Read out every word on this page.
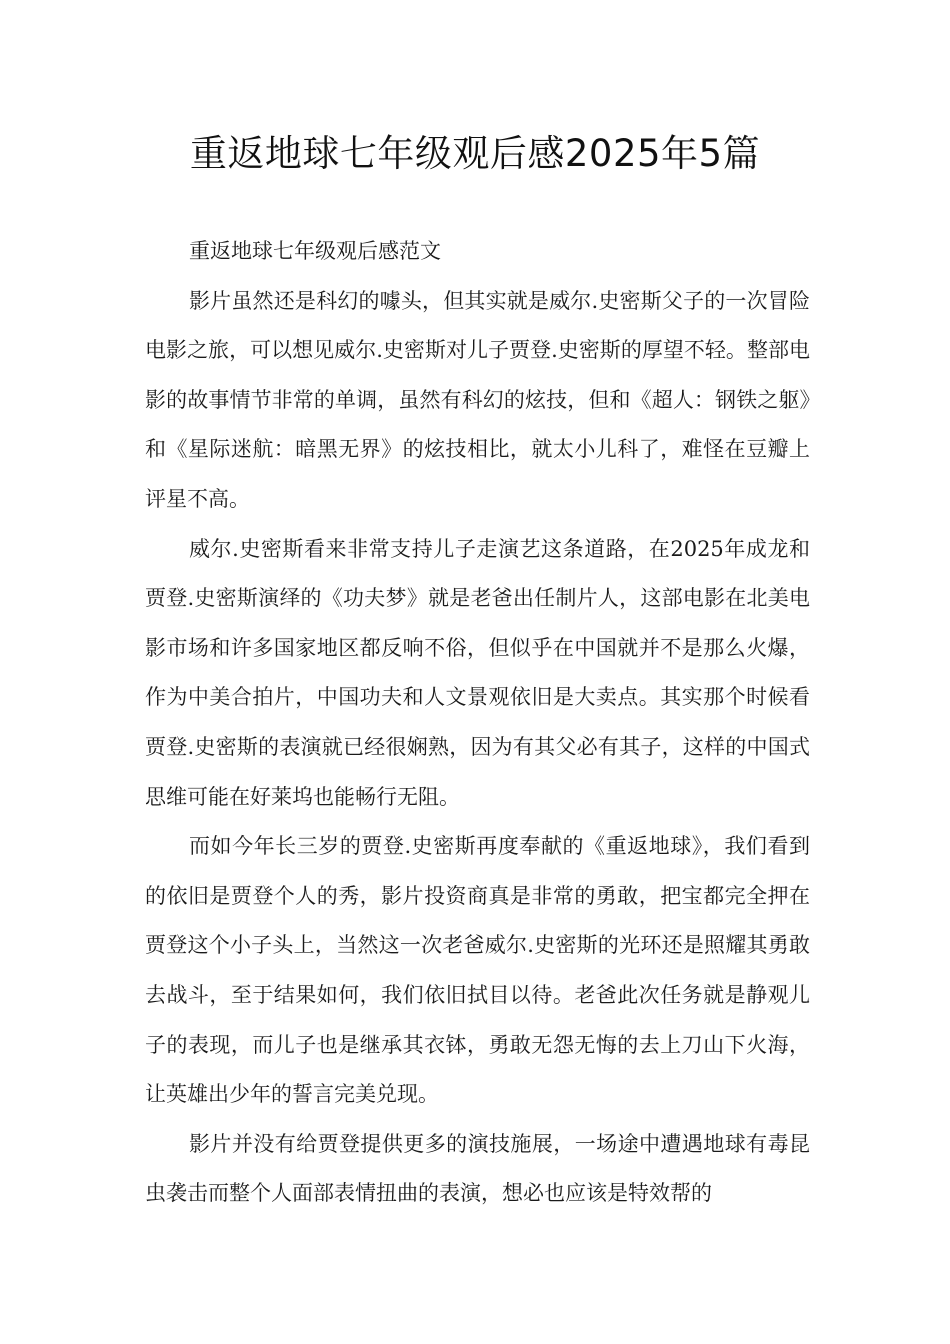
重返地球七年级观后感2025年5篇

重返地球七年级观后感范文

影片虽然还是科幻的噱头，但其实就是威尔.史密斯父子的一次冒险电影之旅，可以想见威尔.史密斯对儿子贾登.史密斯的厚望不轻。整部电影的故事情节非常的单调，虽然有科幻的炫技，但和《超人：钢铁之躯》和《星际迷航：暗黑无界》的炫技相比，就太小儿科了，难怪在豆瓣上评星不高。

威尔.史密斯看来非常支持儿子走演艺这条道路，在2025年成龙和贾登.史密斯演绎的《功夫梦》就是老爸出任制片人，这部电影在北美电影市场和许多国家地区都反响不俗，但似乎在中国就并不是那么火爆，作为中美合拍片，中国功夫和人文景观依旧是大卖点。其实那个时候看贾登.史密斯的表演就已经很娴熟，因为有其父必有其子，这样的中国式思维可能在好莱坞也能畅行无阻。

而如今年长三岁的贾登.史密斯再度奉献的《重返地球》，我们看到的依旧是贾登个人的秀，影片投资商真是非常的勇敢，把宝都完全押在贾登这个小子头上，当然这一次老爸威尔.史密斯的光环还是照耀其勇敢去战斗，至于结果如何，我们依旧拭目以待。老爸此次任务就是静观儿子的表现，而儿子也是继承其衣钵，勇敢无怨无悔的去上刀山下火海，让英雄出少年的誓言完美兑现。

影片并没有给贾登提供更多的演技施展，一场途中遭遇地球有毒昆虫袭击而整个人面部表情扭曲的表演，想必也应该是特效帮的
